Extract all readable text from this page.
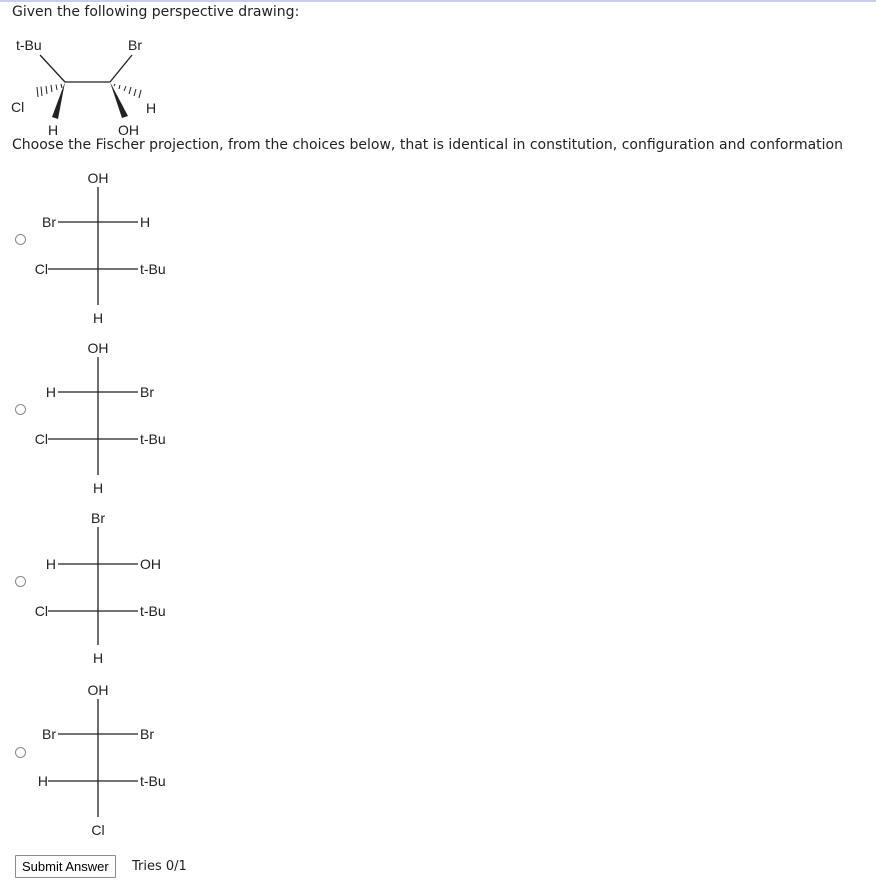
Given the following perspective drawing:
t-Bu	Br
Cl
H
H
OH
Choose the Fischer projection, from the choices below, that is identical in constitution, configuration and conformation
OH
H
Br	H
Cl	t-Bu
OH
H
H	Br
Cl	t-Bu
Br
H
H	OH
Cl	t-Bu
OH
Cl
Br	Br
H	t-Bu
Submit Answer	Tries 0/1
